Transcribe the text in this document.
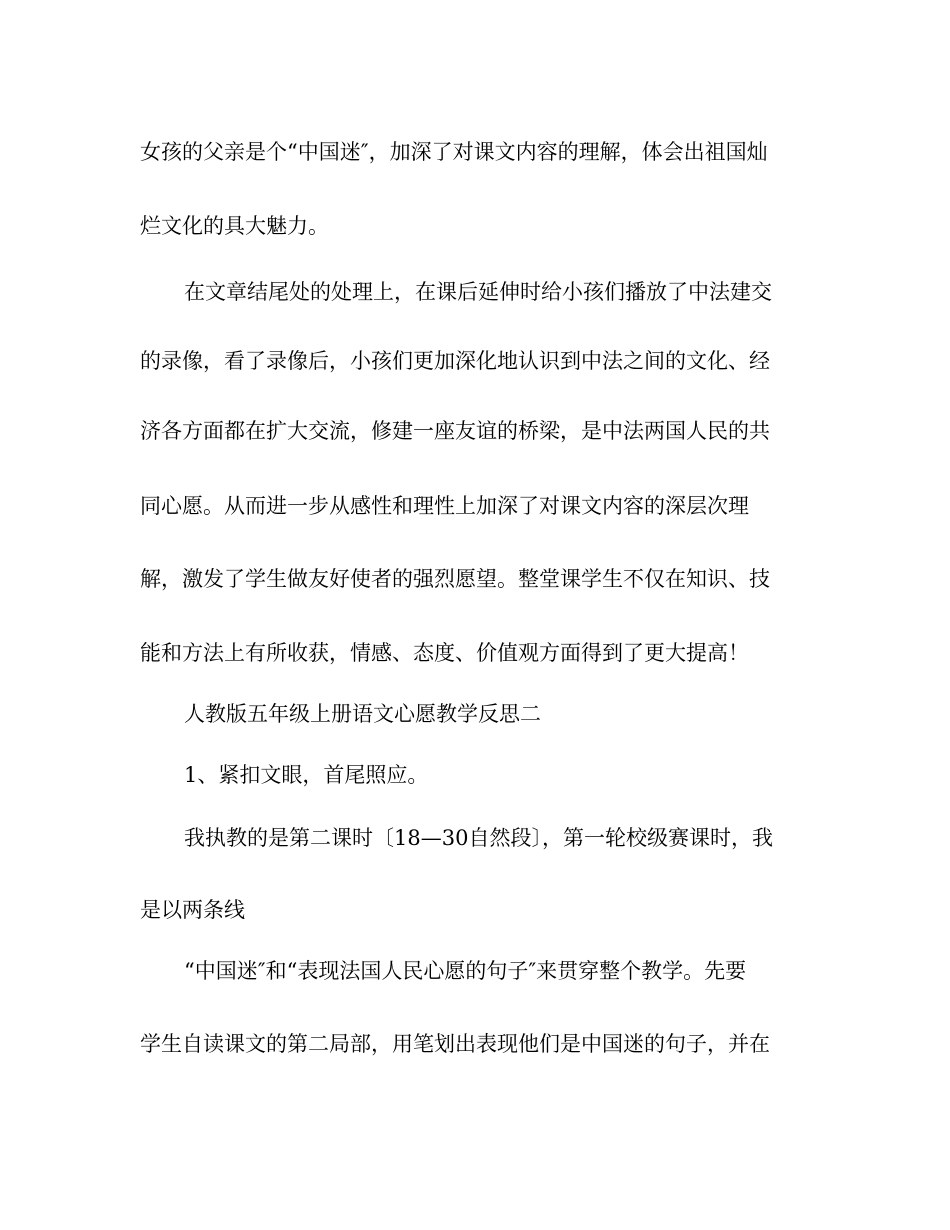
女孩的父亲是个“中国迷″，加深了对课文内容的理解，体会出祖国灿
烂文化的具大魅力。
在文章结尾处的处理上，在课后延伸时给小孩们播放了中法建交
的录像，看了录像后，小孩们更加深化地认识到中法之间的文化、经
济各方面都在扩大交流，修建一座友谊的桥梁，是中法两国人民的共
同心愿。从而进一步从感性和理性上加深了对课文内容的深层次理
解，激发了学生做友好使者的强烈愿望。整堂课学生不仅在知识、技
能和方法上有所收获，情感、态度、价值观方面得到了更大提高！
人教版五年级上册语文心愿教学反思二
1、紧扣文眼，首尾照应。
我执教的是第二课时〔18—30自然段〕，第一轮校级赛课时，我
是以两条线
“中国迷″和“表现法国人民心愿的句子″来贯穿整个教学。先要
学生自读课文的第二局部，用笔划出表现他们是中国迷的句子，并在
